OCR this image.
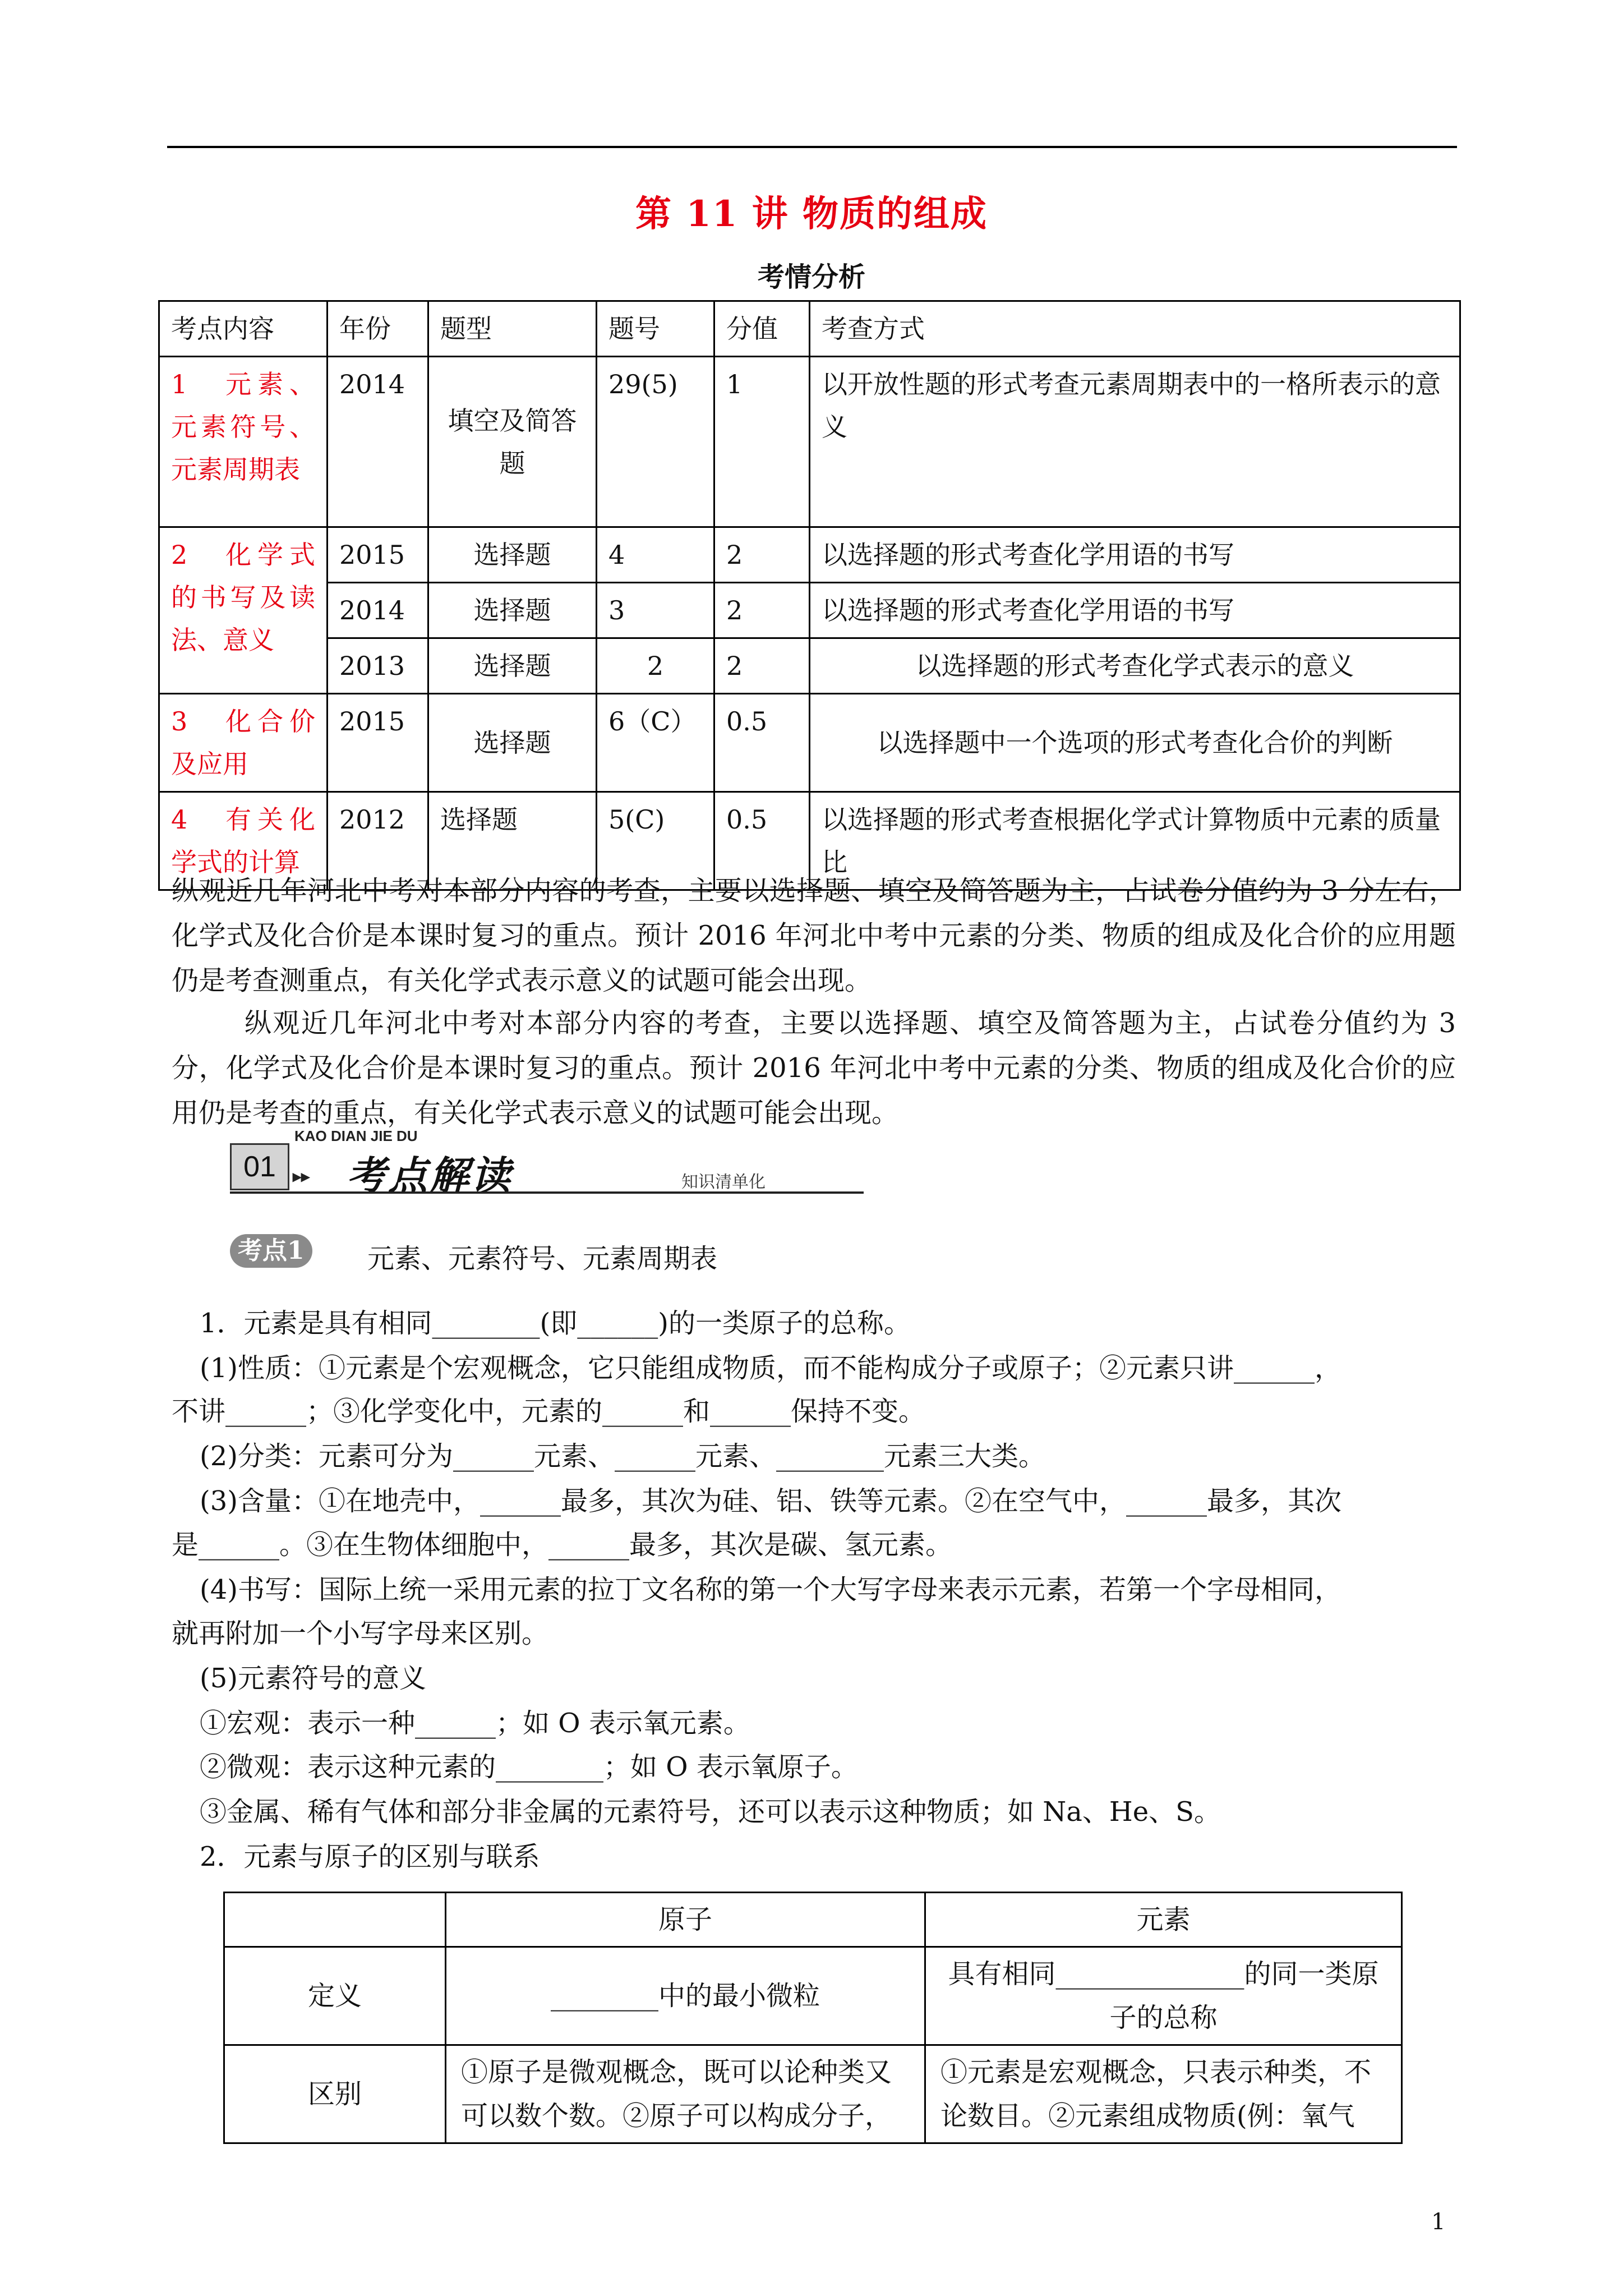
第 11 讲 物质的组成
考情分析
考点内容	年份	题型	题号	分值	考查方式
1　元素、元素符号、元素周期表	2014	填空及简答题	29(5)	1	以开放性题的形式考查元素周期表中的一格所表示的意义
2　化学式的书写及读法、意义	2015	选择题	4	2	以选择题的形式考查化学用语的书写
	2014	选择题	3	2	以选择题的形式考查化学用语的书写
	2013	选择题	2	2	以选择题的形式考查化学式表示的意义
3　化合价及应用	2015	选择题	6（C）	0.5	以选择题中一个选项的形式考查化合价的判断
4　有关化学式的计算	2012	选择题	5(C)	0.5	以选择题的形式考查根据化学式计算物质中元素的质量比
纵观近几年河北中考对本部分内容的考查，主要以选择题、填空及简答题为主，占试卷分值约为 3 分左右，化学式及化合价是本课时复习的重点。预计 2016 年河北中考中元素的分类、物质的组成及化合价的应用题仍是考查测重点，有关化学式表示意义的试题可能会出现。
纵观近几年河北中考对本部分内容的考查，主要以选择题、填空及简答题为主，占试卷分值约为 3 分，化学式及化合价是本课时复习的重点。预计 2016 年河北中考中元素的分类、物质的组成及化合价的应用仍是考查的重点，有关化学式表示意义的试题可能会出现。
KAO DIAN JIE DU
01	▸▸ 考点解读	知识清单化
考点1 元素、元素符号、元素周期表
1．元素是具有相同________(即______)的一类原子的总称。
(1)性质：①元素是个宏观概念，它只能组成物质，而不能构成分子或原子；②元素只讲______，
不讲______；③化学变化中，元素的______和______保持不变。
(2)分类：元素可分为______元素、______元素、________元素三大类。
(3)含量：①在地壳中，______最多，其次为硅、铝、铁等元素。②在空气中，______最多，其次
是______。③在生物体细胞中，______最多，其次是碳、氢元素。
(4)书写：国际上统一采用元素的拉丁文名称的第一个大写字母来表示元素，若第一个字母相同，
就再附加一个小写字母来区别。
(5)元素符号的意义
①宏观：表示一种______；如 O 表示氧元素。
②微观：表示这种元素的________；如 O 表示氧原子。
③金属、稀有气体和部分非金属的元素符号，还可以表示这种物质；如 Na、He、S。
2．元素与原子的区别与联系
	原子	元素
定义	________中的最小微粒	具有相同______________的同一类原子的总称
区别	①原子是微观概念，既可以论种类又可以数个数。②原子可以构成分子，	①元素是宏观概念，只表示种类，不论数目。②元素组成物质(例：氧气
1
